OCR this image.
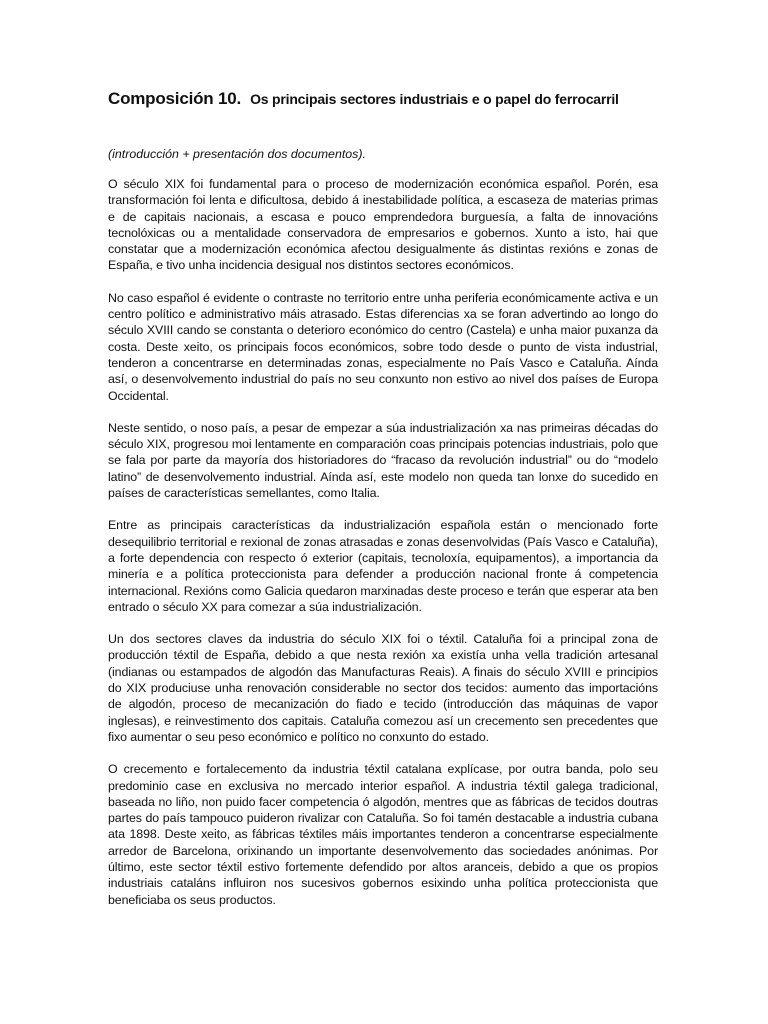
Composición 10. Os principais sectores industriais e o papel do ferrocarril

(introducción + presentación dos documentos).

O século XIX foi fundamental para o proceso de modernización económica español. Porén, esa transformación foi lenta e dificultosa, debido á inestabilidade política, a escaseza de materias primas e de capitais nacionais, a escasa e pouco emprendedora burguesía, a falta de innovacións tecnolóxicas ou a mentalidade conservadora de empresarios e gobernos. Xunto a isto, hai que constatar que a modernización económica afectou desigualmente ás distintas rexións e zonas de España, e tivo unha incidencia desigual nos distintos sectores económicos.

No caso español é evidente o contraste no territorio entre unha periferia económicamente activa e un centro político e administrativo máis atrasado. Estas diferencias xa se foran advertindo ao longo do século XVIII cando se constanta o deterioro económico do centro (Castela) e unha maior puxanza da costa. Deste xeito, os principais focos económicos, sobre todo desde o punto de vista industrial, tenderon a concentrarse en determinadas zonas, especialmente no País Vasco e Cataluña. Aínda así, o desenvolvemento industrial do país no seu conxunto non estivo ao nivel dos países de Europa Occidental.

Neste sentido, o noso país, a pesar de empezar a súa industrialización xa nas primeiras décadas do século XIX, progresou moi lentamente en comparación coas principais potencias industriais, polo que se fala por parte da mayoría dos historiadores do “fracaso da revolución industrial” ou do “modelo latino” de desenvolvemento industrial. Aínda así, este modelo non queda tan lonxe do sucedido en países de características semellantes, como Italia.

Entre as principais características da industrialización española están o mencionado forte desequilibrio territorial e rexional de zonas atrasadas e zonas desenvolvidas (País Vasco e Cataluña), a forte dependencia con respecto ó exterior (capitais, tecnoloxía, equipamentos), a importancia da minería e a política proteccionista para defender a producción nacional fronte á competencia internacional. Rexións como Galicia quedaron marxinadas deste proceso e terán que esperar ata ben entrado o século XX para comezar a súa industrialización.

Un dos sectores claves da industria do século XIX foi o téxtil. Cataluña foi a principal zona de producción téxtil de España, debido a que nesta rexión xa existía unha vella tradición artesanal (indianas ou estampados de algodón das Manufacturas Reais). A finais do século XVIII e principios do XIX produciuse unha renovación considerable no sector dos tecidos: aumento das importacións de algodón, proceso de mecanización do fiado e tecido (introducción das máquinas de vapor inglesas), e reinvestimento dos capitais. Cataluña comezou así un crecemento sen precedentes que fixo aumentar o seu peso económico e político no conxunto do estado.

O crecemento e fortalecemento da industria téxtil catalana explícase, por outra banda, polo seu predominio case en exclusiva no mercado interior español. A industria téxtil galega tradicional, baseada no liño, non puido facer competencia ó algodón, mentres que as fábricas de tecidos doutras partes do país tampouco puideron rivalizar con Cataluña. So foi tamén destacable a industria cubana ata 1898. Deste xeito, as fábricas téxtiles máis importantes tenderon a concentrarse especialmente arredor de Barcelona, orixinando un importante desenvolvemento das sociedades anónimas. Por último, este sector téxtil estivo fortemente defendido por altos aranceis, debido a que os propios industriais cataláns influiron nos sucesivos gobernos esixindo unha política proteccionista que beneficiaba os seus productos.
